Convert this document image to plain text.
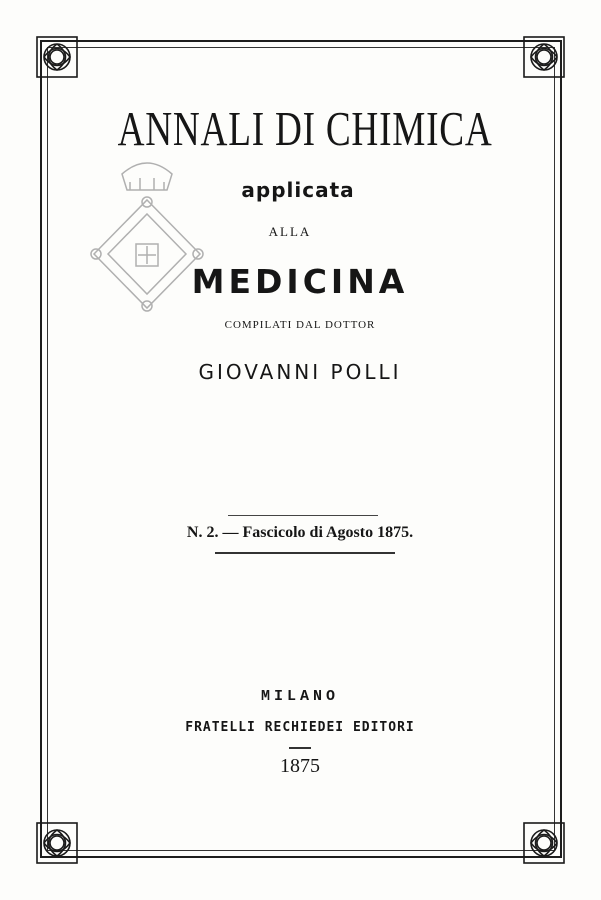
ANNALI DI CHIMICA
applicata
ALLA
MEDICINA
COMPILATI DAL DOTTOR
GIOVANNI POLLI
N. 2. — Fascicolo di Agosto 1875.
MILANO
FRATELLI RECHIEDEI EDITORI
1875
